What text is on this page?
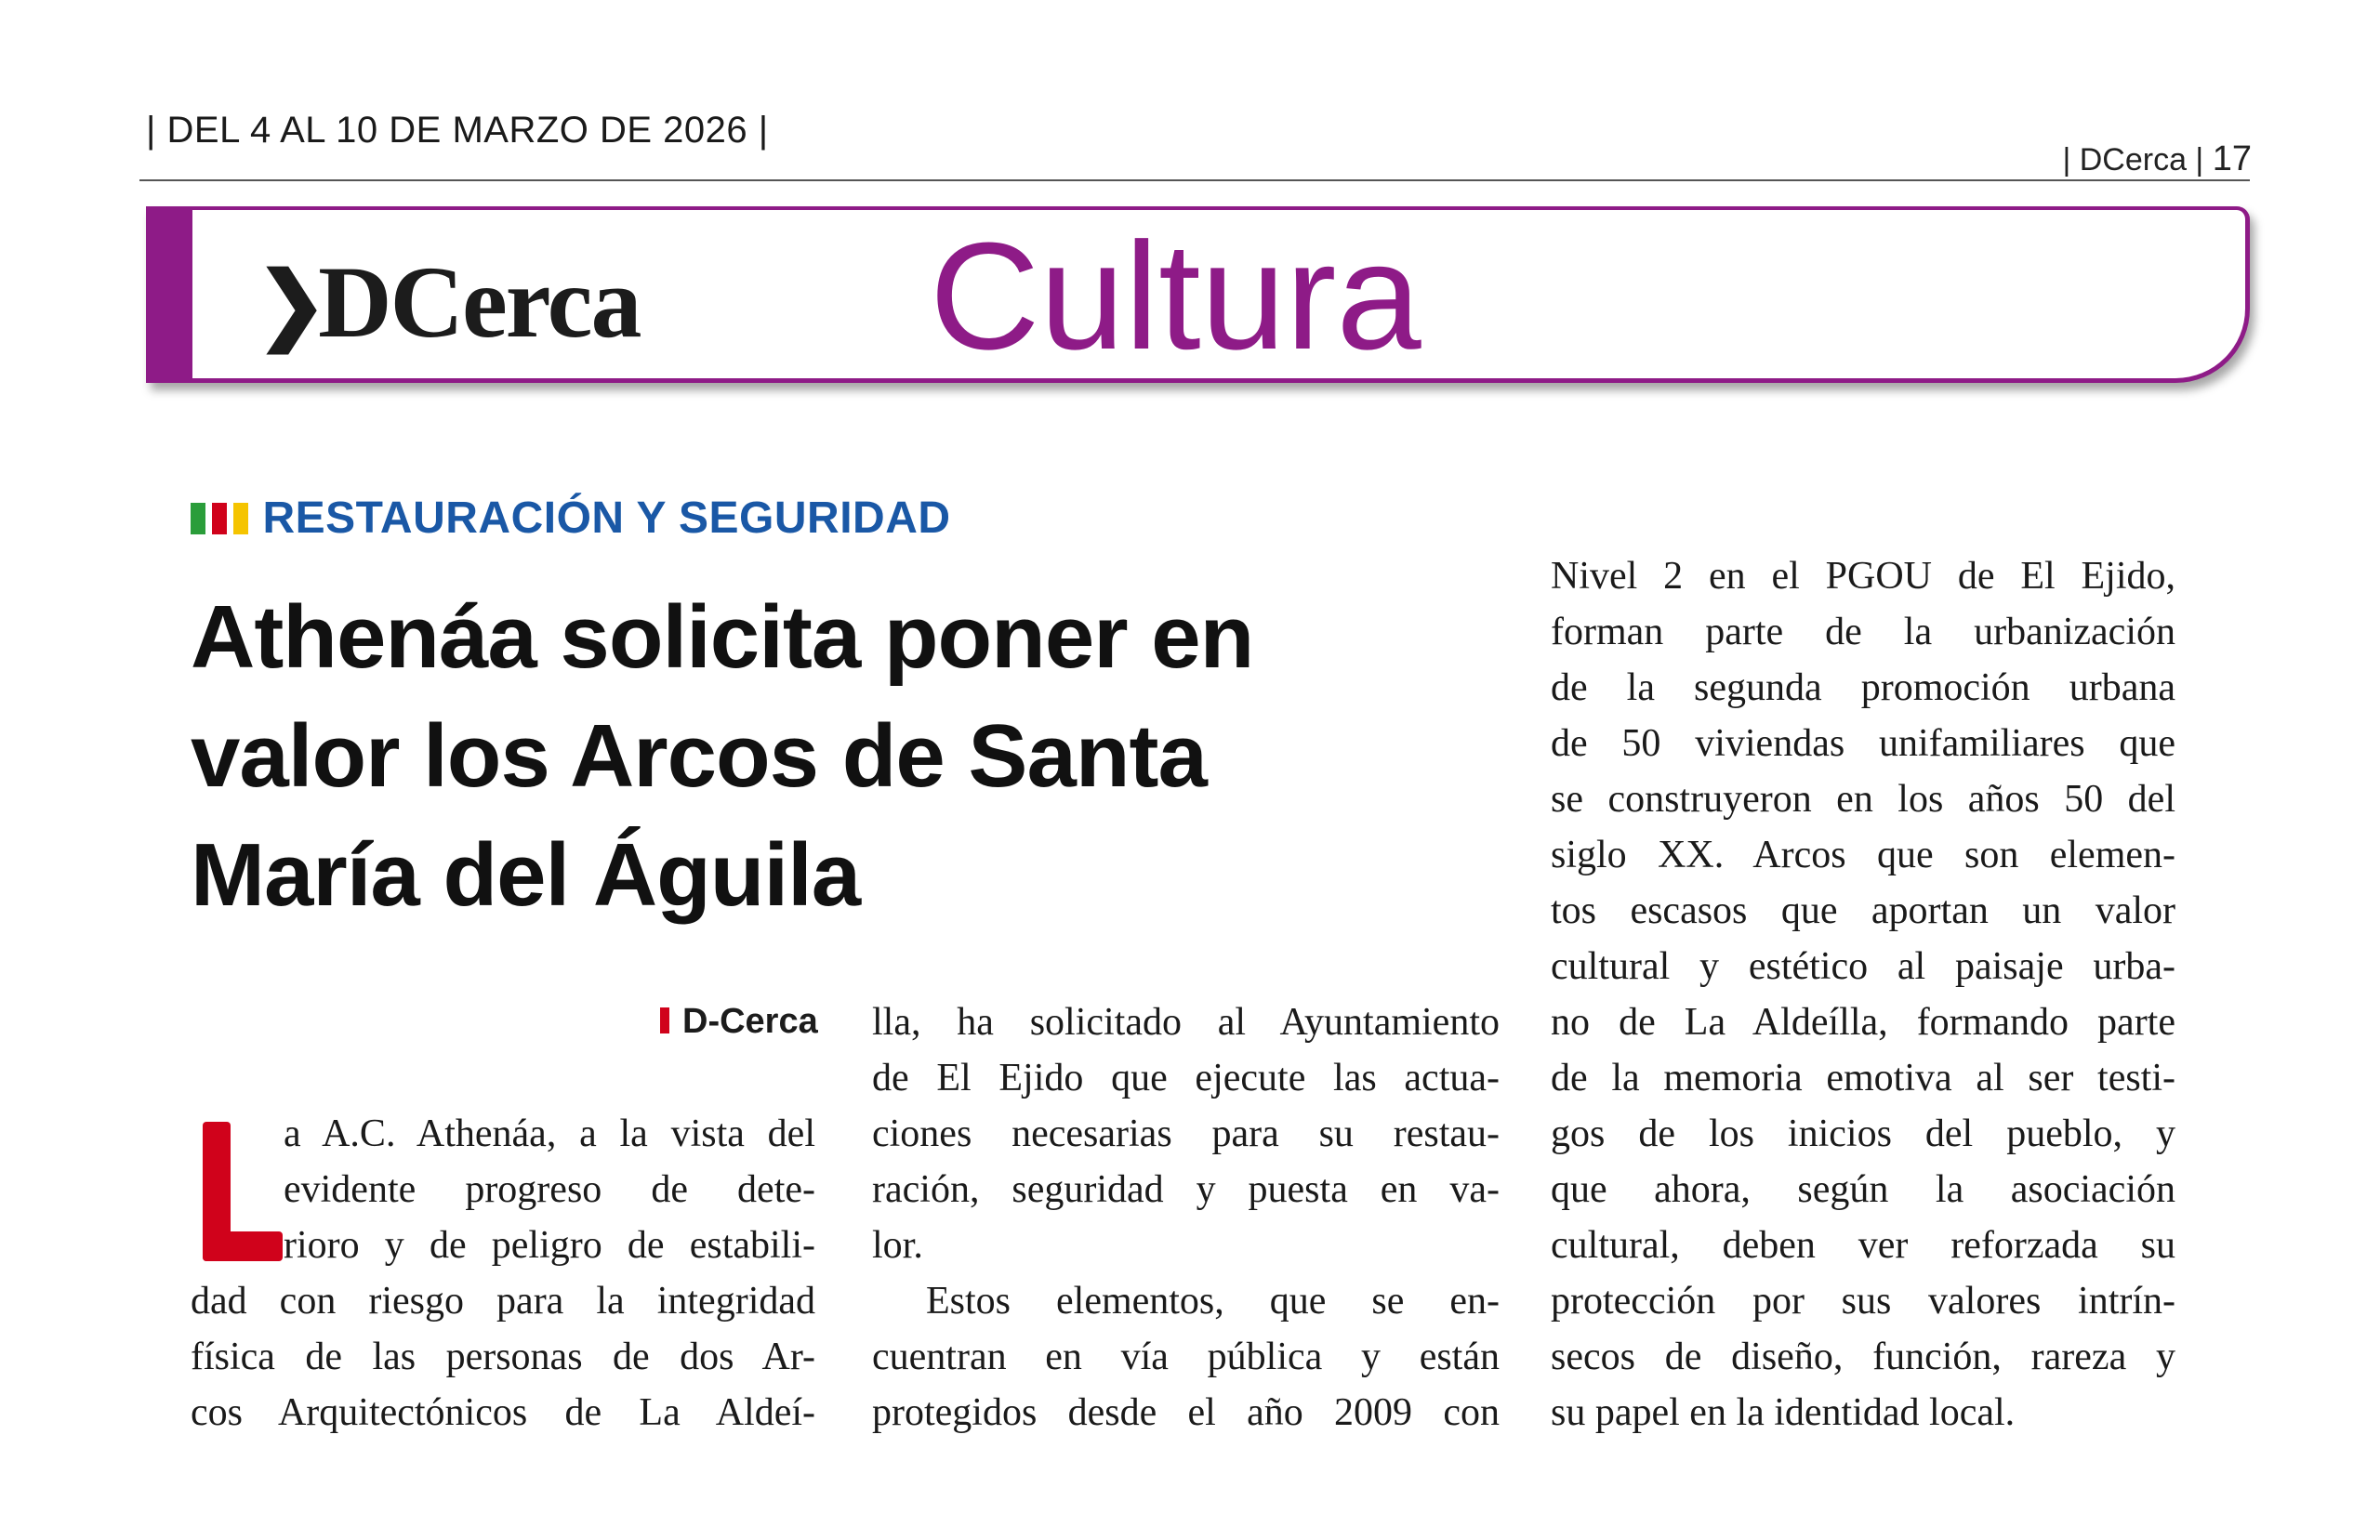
| DEL 4 AL 10 DE MARZO DE 2026 |
| DCerca | 17
❯DCerca Cultura
RESTAURACIÓN Y SEGURIDAD
Athenáa solicita poner en
valor los Arcos de Santa
María del Águila
D-Cerca
a A.C. Athenáa, a la vista del
evidente progreso de dete-
rioro y de peligro de estabili-
dad con riesgo para la integridad
física de las personas de dos Ar-
cos Arquitectónicos de La Aldeí-
lla, ha solicitado al Ayuntamiento
de El Ejido que ejecute las actua-
ciones necesarias para su restau-
ración, seguridad y puesta en va-
lor.
Estos elementos, que se en-
cuentran en vía pública y están
protegidos desde el año 2009 con
Nivel 2 en el PGOU de El Ejido,
forman parte de la urbanización
de la segunda promoción urbana
de 50 viviendas unifamiliares que
se construyeron en los años 50 del
siglo XX. Arcos que son elemen-
tos escasos que aportan un valor
cultural y estético al paisaje urba-
no de La Aldeílla, formando parte
de la memoria emotiva al ser testi-
gos de los inicios del pueblo, y
que ahora, según la asociación
cultural, deben ver reforzada su
protección por sus valores intrín-
secos de diseño, función, rareza y
su papel en la identidad local.
